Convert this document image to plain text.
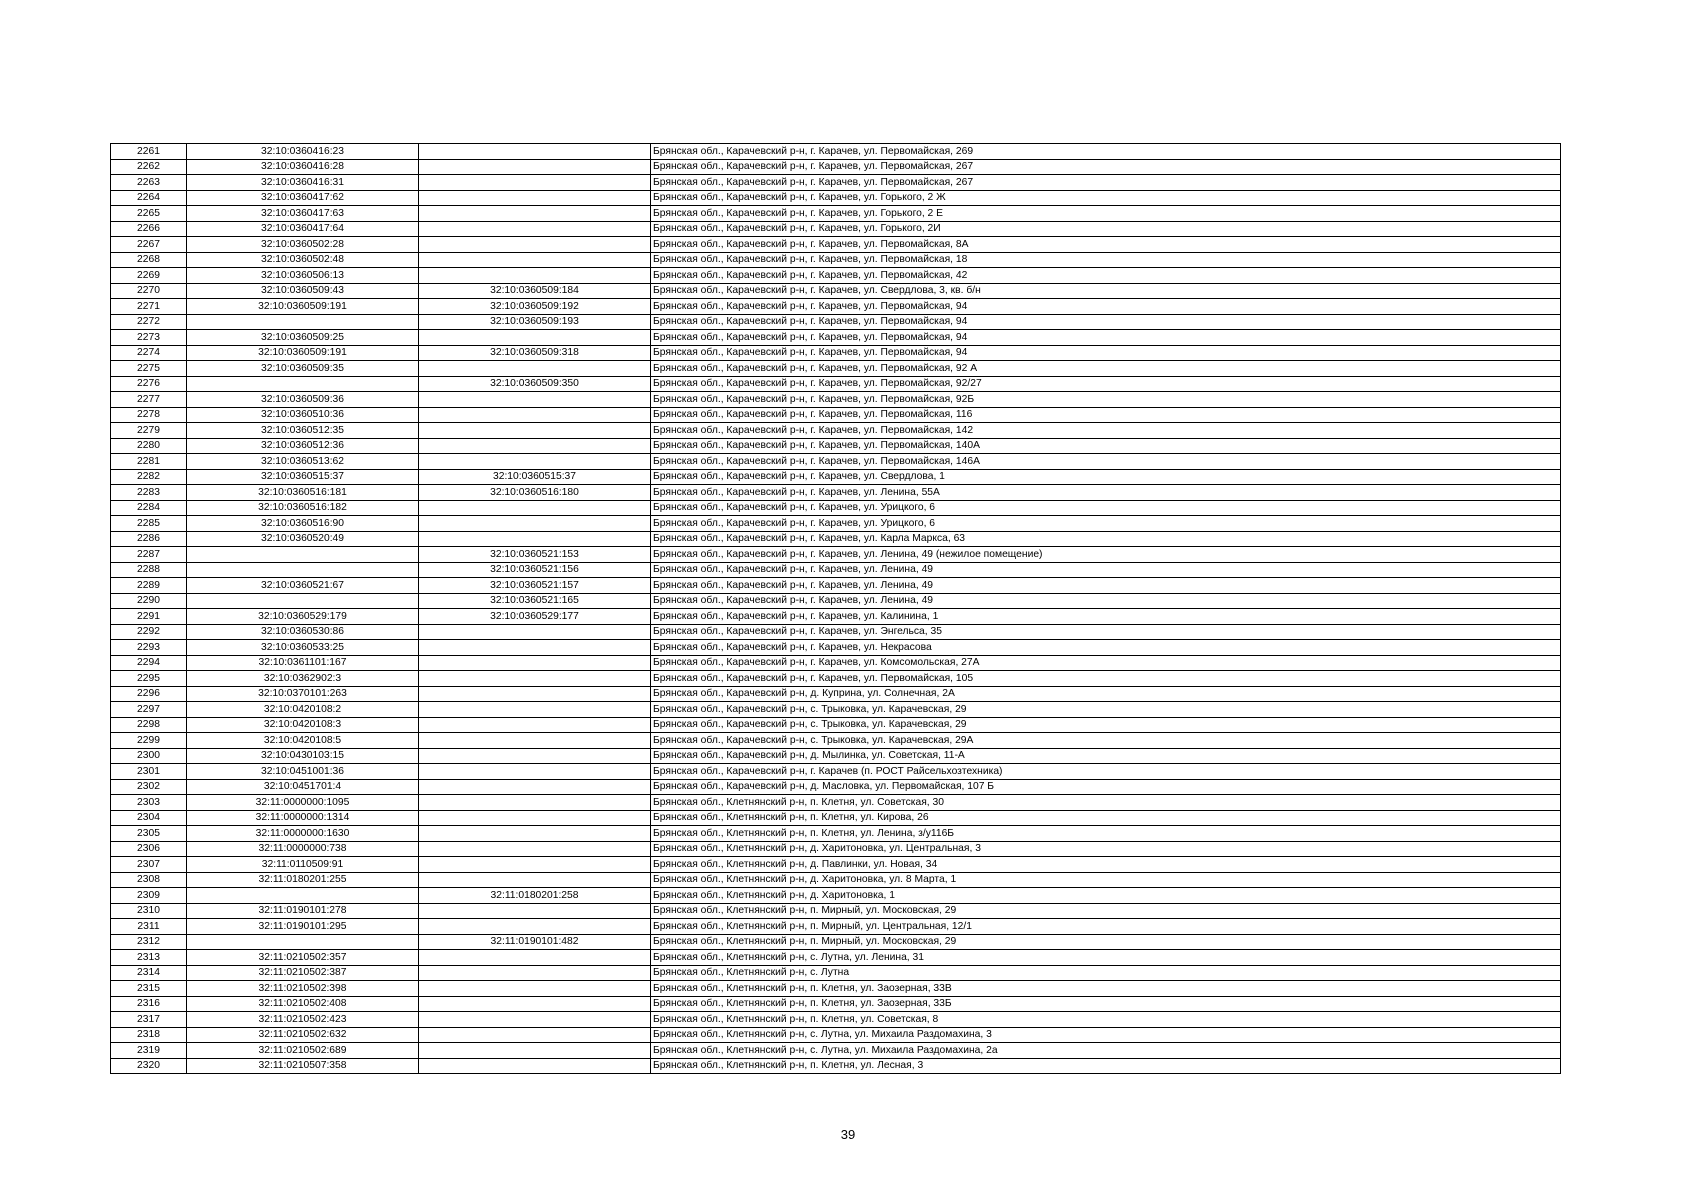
2261	32:10:0360416:23		Брянская обл., Карачевский р-н, г. Карачев, ул. Первомайская, 269
2262	32:10:0360416:28		Брянская обл., Карачевский р-н, г. Карачев, ул. Первомайская, 267
2263	32:10:0360416:31		Брянская обл., Карачевский р-н, г. Карачев, ул. Первомайская, 267
2264	32:10:0360417:62		Брянская обл., Карачевский р-н, г. Карачев, ул. Горького, 2 Ж
2265	32:10:0360417:63		Брянская обл., Карачевский р-н, г. Карачев, ул. Горького, 2 Е
2266	32:10:0360417:64		Брянская обл., Карачевский р-н, г. Карачев, ул. Горького, 2И
2267	32:10:0360502:28		Брянская обл., Карачевский р-н, г. Карачев, ул. Первомайская, 8А
2268	32:10:0360502:48		Брянская обл., Карачевский р-н, г. Карачев, ул. Первомайская, 18
2269	32:10:0360506:13		Брянская обл., Карачевский р-н, г. Карачев, ул. Первомайская, 42
2270	32:10:0360509:43	32:10:0360509:184	Брянская обл., Карачевский р-н, г. Карачев, ул. Свердлова, 3, кв. б/н
2271	32:10:0360509:191	32:10:0360509:192	Брянская обл., Карачевский р-н, г. Карачев, ул. Первомайская, 94
2272		32:10:0360509:193	Брянская обл., Карачевский р-н, г. Карачев, ул. Первомайская, 94
2273	32:10:0360509:25		Брянская обл., Карачевский р-н, г. Карачев, ул. Первомайская, 94
2274	32:10:0360509:191	32:10:0360509:318	Брянская обл., Карачевский р-н, г. Карачев, ул. Первомайская, 94
2275	32:10:0360509:35		Брянская обл., Карачевский р-н, г. Карачев, ул. Первомайская, 92 А
2276		32:10:0360509:350	Брянская обл., Карачевский р-н, г. Карачев, ул. Первомайская, 92/27
2277	32:10:0360509:36		Брянская обл., Карачевский р-н, г. Карачев, ул. Первомайская, 92Б
2278	32:10:0360510:36		Брянская обл., Карачевский р-н, г. Карачев, ул. Первомайская, 116
2279	32:10:0360512:35		Брянская обл., Карачевский р-н, г. Карачев, ул. Первомайская, 142
2280	32:10:0360512:36		Брянская обл., Карачевский р-н, г. Карачев, ул. Первомайская, 140А
2281	32:10:0360513:62		Брянская обл., Карачевский р-н, г. Карачев, ул. Первомайская, 146А
2282	32:10:0360515:37	32:10:0360515:37	Брянская обл., Карачевский р-н, г. Карачев, ул. Свердлова, 1
2283	32:10:0360516:181	32:10:0360516:180	Брянская обл., Карачевский р-н, г. Карачев, ул. Ленина, 55А
2284	32:10:0360516:182		Брянская обл., Карачевский р-н, г. Карачев, ул. Урицкого, 6
2285	32:10:0360516:90		Брянская обл., Карачевский р-н, г. Карачев, ул. Урицкого, 6
2286	32:10:0360520:49		Брянская обл., Карачевский р-н, г. Карачев, ул. Карла Маркса, 63
2287		32:10:0360521:153	Брянская обл., Карачевский р-н, г. Карачев, ул. Ленина, 49 (нежилое помещение)
2288		32:10:0360521:156	Брянская обл., Карачевский р-н, г. Карачев, ул. Ленина, 49
2289	32:10:0360521:67	32:10:0360521:157	Брянская обл., Карачевский р-н, г. Карачев, ул. Ленина, 49
2290		32:10:0360521:165	Брянская обл., Карачевский р-н, г. Карачев, ул. Ленина, 49
2291	32:10:0360529:179	32:10:0360529:177	Брянская обл., Карачевский р-н, г. Карачев, ул. Калинина, 1
2292	32:10:0360530:86		Брянская обл., Карачевский р-н, г. Карачев, ул. Энгельса, 35
2293	32:10:0360533:25		Брянская обл., Карачевский р-н, г. Карачев, ул. Некрасова
2294	32:10:0361101:167		Брянская обл., Карачевский р-н, г. Карачев, ул. Комсомольская, 27А
2295	32:10:0362902:3		Брянская обл., Карачевский р-н, г. Карачев, ул. Первомайская, 105
2296	32:10:0370101:263		Брянская обл., Карачевский р-н, д. Куприна, ул. Солнечная, 2А
2297	32:10:0420108:2		Брянская обл., Карачевский р-н, с. Трыковка, ул. Карачевская, 29
2298	32:10:0420108:3		Брянская обл., Карачевский р-н, с. Трыковка, ул. Карачевская, 29
2299	32:10:0420108:5		Брянская обл., Карачевский р-н, с. Трыковка, ул. Карачевская, 29А
2300	32:10:0430103:15		Брянская обл., Карачевский р-н, д. Мылинка, ул. Советская, 11-А
2301	32:10:0451001:36		Брянская обл., Карачевский р-н, г. Карачев (п. РОСТ Райсельхозтехника)
2302	32:10:0451701:4		Брянская обл., Карачевский р-н, д. Масловка, ул. Первомайская, 107 Б
2303	32:11:0000000:1095		Брянская обл., Клетнянский р-н, п. Клетня, ул. Советская, 30
2304	32:11:0000000:1314		Брянская обл., Клетнянский р-н, п. Клетня, ул. Кирова, 26
2305	32:11:0000000:1630		Брянская обл., Клетнянский р-н, п. Клетня, ул. Ленина, з/у116Б
2306	32:11:0000000:738		Брянская обл., Клетнянский р-н, д. Харитоновка, ул. Центральная, 3
2307	32:11:0110509:91		Брянская обл., Клетнянский р-н, д. Павлинки, ул. Новая, 34
2308	32:11:0180201:255		Брянская обл., Клетнянский р-н, д. Харитоновка, ул. 8 Марта, 1
2309		32:11:0180201:258	Брянская обл., Клетнянский р-н, д. Харитоновка, 1
2310	32:11:0190101:278		Брянская обл., Клетнянский р-н, п. Мирный, ул. Московская, 29
2311	32:11:0190101:295		Брянская обл., Клетнянский р-н, п. Мирный, ул. Центральная, 12/1
2312		32:11:0190101:482	Брянская обл., Клетнянский р-н, п. Мирный, ул. Московская, 29
2313	32:11:0210502:357		Брянская обл., Клетнянский р-н, с. Лутна, ул. Ленина, 31
2314	32:11:0210502:387		Брянская обл., Клетнянский р-н, с. Лутна
2315	32:11:0210502:398		Брянская обл., Клетнянский р-н, п. Клетня, ул. Заозерная, 33В
2316	32:11:0210502:408		Брянская обл., Клетнянский р-н, п. Клетня, ул. Заозерная, 33Б
2317	32:11:0210502:423		Брянская обл., Клетнянский р-н, п. Клетня, ул. Советская, 8
2318	32:11:0210502:632		Брянская обл., Клетнянский р-н, с. Лутна, ул. Михаила Раздомахина, 3
2319	32:11:0210502:689		Брянская обл., Клетнянский р-н, с. Лутна, ул. Михаила Раздомахина, 2а
2320	32:11:0210507:358		Брянская обл., Клетнянский р-н, п. Клетня, ул. Лесная, 3
39
